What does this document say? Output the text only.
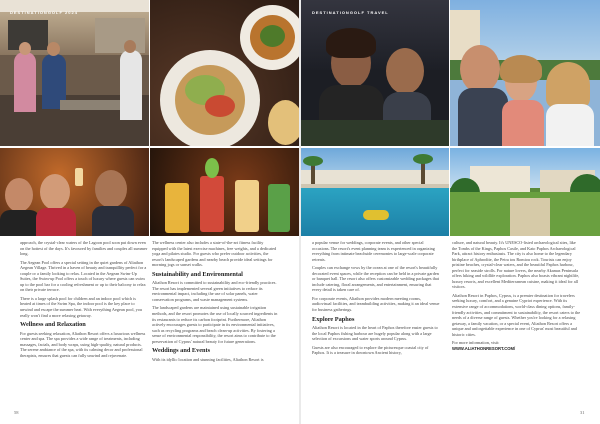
DESTINATIONGOLF 2024	DESTINATIONGOLF TRAVEL

approach, the crystal-clear waters of the Lagoon pool soon put down even on the hottest of the days. It's favoured by families and couples all summer long.

The Aegean Pool offers a special setting in the quiet gardens of Aliathon Aegean Village. Thrived in a haven of beauty and tranquillity perfect for a couple or a family looking to relax. Located in the Aegean Swim-Up Suites, the Swim-up Pool offers a touch of luxury where guests can swim up to the pool bar for a cooling refreshment or up to their balcony to relax on their private terrace.

There is a large splash pool for children and an indoor pool which is heated at times of the Swim Spa, the indoor pool is the key place to unwind and escape the summer heat. With everything Aegean pool, you really won't find a more relaxing getaway.

Wellness and Relaxation

For guests seeking relaxation, Aliathon Resort offers a luxurious wellness center and spa. The spa provides a wide range of treatments, including massages, facials, and body wraps, using high-quality, natural products. The serene ambiance of the spa, with its calming decor and professional therapists, ensures that guests can fully unwind and rejuvenate.

The wellness center also includes a state-of-the-art fitness facility equipped with the latest exercise machines, free weights, and a dedicated yoga and pilates studio. For guests who prefer outdoor activities, the resort's landscaped gardens and nearby beach provide ideal settings for morning jogs or sunset walks.

Sustainability and Environmental

Aliathon Resort is committed to sustainability and eco-friendly practices. The resort has implemented several green initiatives to reduce its environmental impact, including the use of solar panels, water conservation programs, and waste management systems.

The landscaped gardens are maintained using sustainable irrigation methods, and the resort promotes the use of locally sourced ingredients in its restaurants to reduce its carbon footprint. Furthermore, Aliathon actively encourages guests to participate in its environmental initiatives, such as recycling programs and beach clean-up activities. By fostering a sense of environmental responsibility, the resort aims to contribute to the preservation of Cyprus' natural beauty for future generations.

Weddings and Events

With its idyllic location and stunning facilities, Aliathon Resort is

a popular venue for weddings, corporate events, and other special occasions. The resort's event planning team is experienced in organizing everything from intimate beachside ceremonies to large-scale corporate retreats.

Couples can exchange vows by the ocean at one of the resort's beautifully decorated event spaces, while the reception can be held in a private garden or banquet hall. The resort also offers customizable wedding packages that include catering, floral arrangements, and entertainment, ensuring that every detail is taken care of.

For corporate events, Aliathon provides modern meeting rooms, audiovisual facilities, and teambuilding activities, making it an ideal venue for business gatherings.

Explore Paphos

Aliathon Resort is located in the heart of Paphos therefore easier guests to the local Paphos fishing harbour are hugely popular along with a large selection of excursions and water sports around Cyprus.

Guests are also encouraged to explore the picturesque coastal city of Paphos. It is a treasure in downtown Ancient history,

culture, and natural beauty. It's UNESCO-listed archaeological sites, like the Tombs of the Kings, Paphos Castle, and Kato Paphos Archaeological Park, attract history enthusiasts. The city is also home to the legendary birthplace of Aphrodite, the Petra tou Romiou rock. Tourists can enjoy pristine beaches, crystal-clear waters, and the beautiful Paphos harbour, perfect for seaside strolls. For nature lovers, the nearby Akamas Peninsula offers hiking and wildlife exploration. Paphos also boasts vibrant nightlife, luxury resorts, and excellent Mediterranean cuisine, making it ideal for all visitors.

Aliathon Resort in Paphos, Cyprus, is a premier destination for travelers seeking luxury, comfort, and a genuine Cypriot experience. With its extensive range of accommodations, world-class dining options, family-friendly activities, and commitment to sustainability, the resort caters to the needs of a diverse range of guests. Whether you're looking for a relaxing getaway, a family vacation, or a special event, Aliathon Resort offers a unique and unforgettable experience in one of Cyprus' most beautiful and historic cities.

For more information, visit:

WWW.ALIATHONRESORT.COM/

58	31
